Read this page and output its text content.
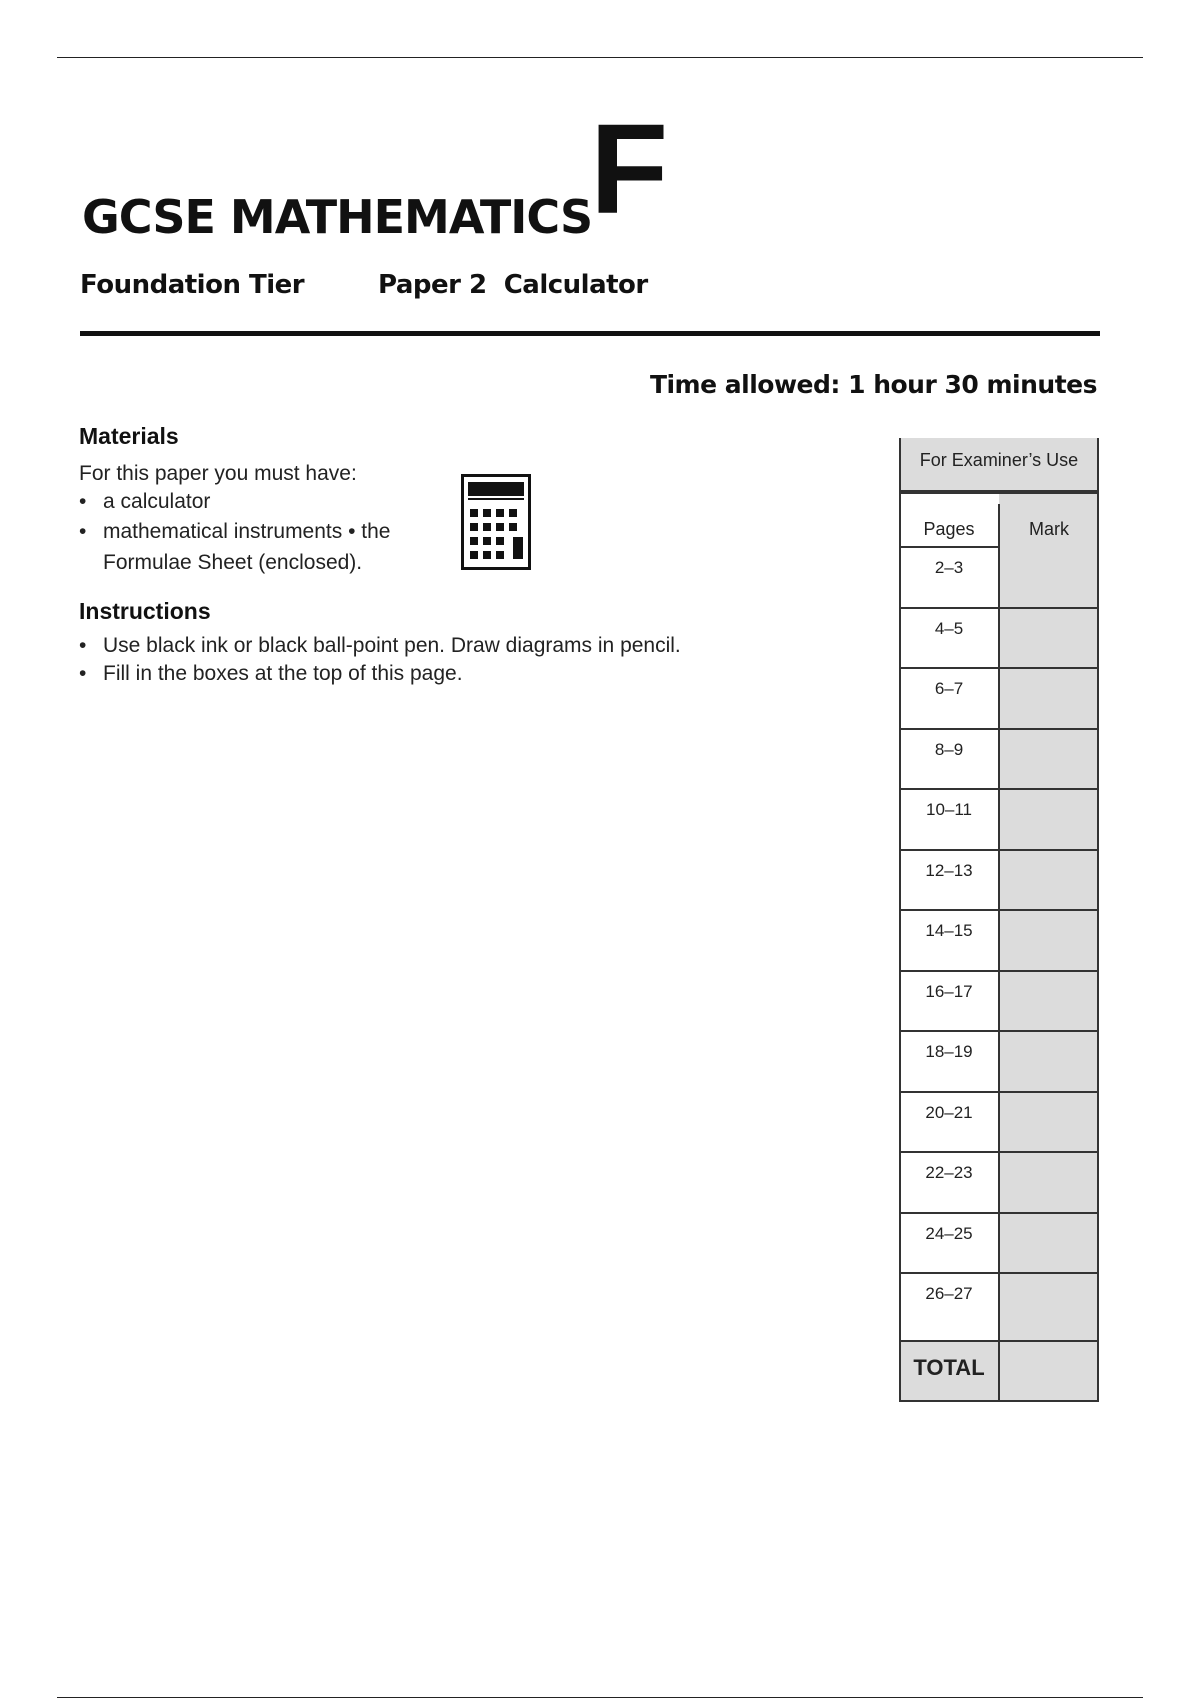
GCSE MATHEMATICS
F
Foundation Tier	Paper 2  Calculator
Time allowed: 1 hour 30 minutes
Materials
For this paper you must have:
• a calculator
• mathematical instruments • the
Formulae Sheet (enclosed).
Instructions
• Use black ink or black ball-point pen. Draw diagrams in pencil.
• Fill in the boxes at the top of this page.
For Examiner’s Use
Pages	Mark
2–3
4–5
6–7
8–9
10–11
12–13
14–15
16–17
18–19
20–21
22–23
24–25
26–27
TOTAL
